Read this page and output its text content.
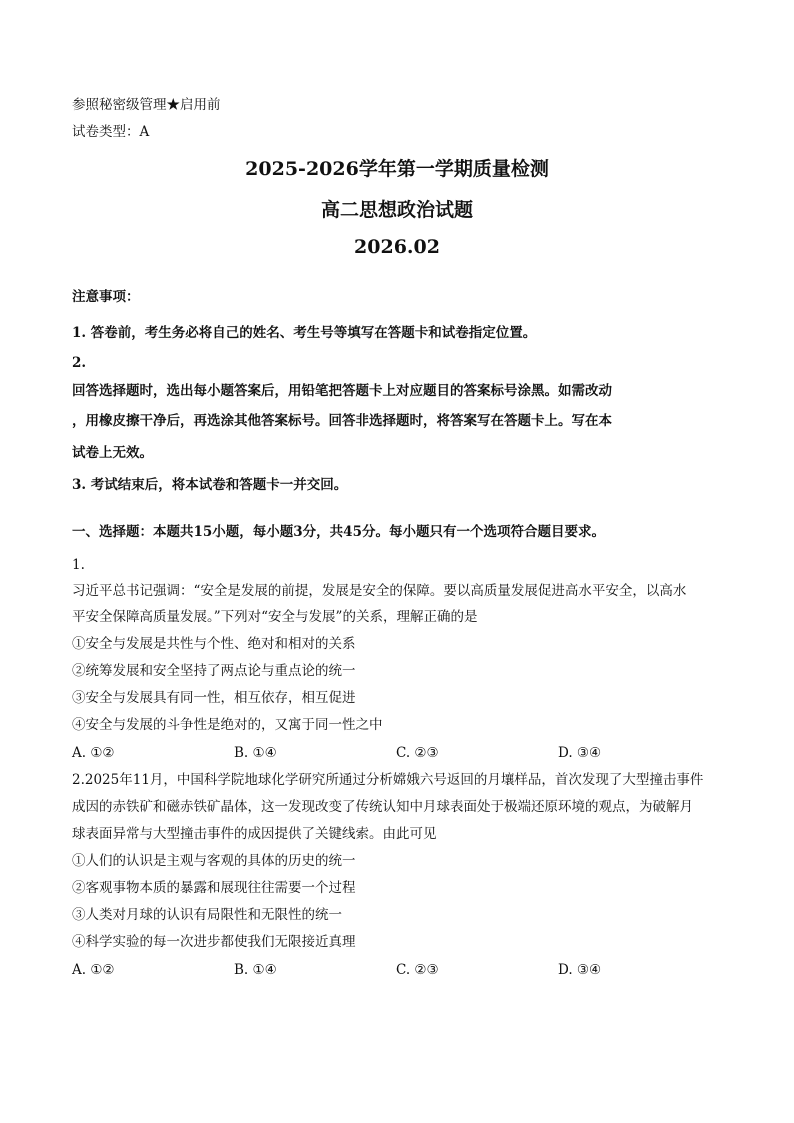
参照秘密级管理★启用前
试卷类型：A
2025-2026学年第一学期质量检测
高二思想政治试题
2026.02
注意事项：
1. 答卷前，考生务必将自己的姓名、考生号等填写在答题卡和试卷指定位置。
2.
回答选择题时，选出每小题答案后，用铅笔把答题卡上对应题目的答案标号涂黑。如需改动
，用橡皮擦干净后，再选涂其他答案标号。回答非选择题时，将答案写在答题卡上。写在本
试卷上无效。
3. 考试结束后，将本试卷和答题卡一并交回。
一、选择题：本题共15小题，每小题3分，共45分。每小题只有一个选项符合题目要求。
1.
习近平总书记强调：“安全是发展的前提，发展是安全的保障。要以高质量发展促进高水平安全，以高水
平安全保障高质量发展。”下列对“安全与发展”的关系，理解正确的是
①安全与发展是共性与个性、绝对和相对的关系
②统筹发展和安全坚持了两点论与重点论的统一
③安全与发展具有同一性，相互依存，相互促进
④安全与发展的斗争性是绝对的，又寓于同一性之中
A. ①②	B. ①④	C. ②③	D. ③④
2.2025年11月，中国科学院地球化学研究所通过分析嫦娥六号返回的月壤样品，首次发现了大型撞击事件
成因的赤铁矿和磁赤铁矿晶体，这一发现改变了传统认知中月球表面处于极端还原环境的观点，为破解月
球表面异常与大型撞击事件的成因提供了关键线索。由此可见
①人们的认识是主观与客观的具体的历史的统一
②客观事物本质的暴露和展现往往需要一个过程
③人类对月球的认识有局限性和无限性的统一
④科学实验的每一次进步都使我们无限接近真理
A. ①②	B. ①④	C. ②③	D. ③④
